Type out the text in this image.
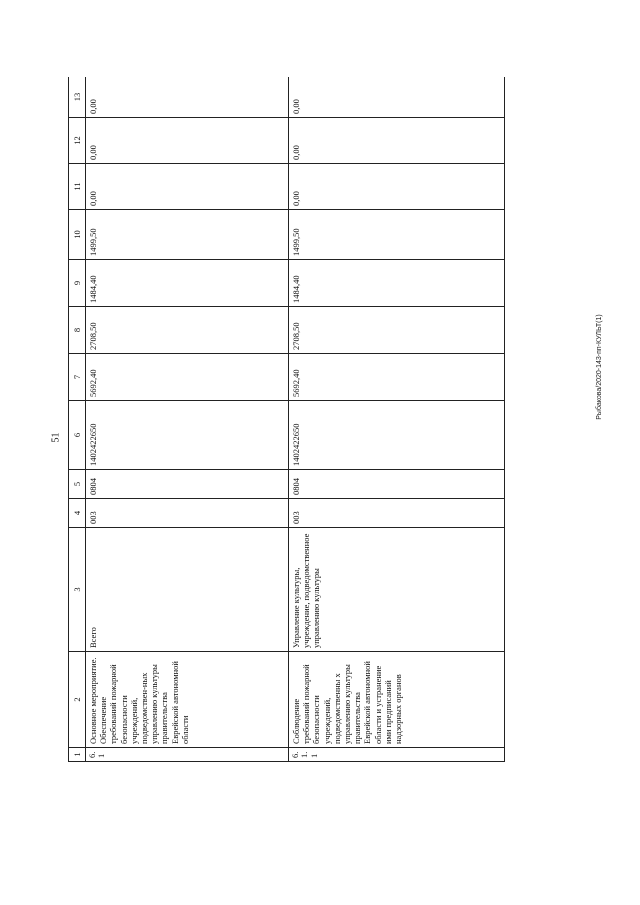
51
Рыбакова/2020-143-пп-КУЛЬТ(1)
1	2	3	4	5	6	7	8	9	10	11	12	13

6. 1	Основное мероприятие. Обеспечение требований пожарной безопасности учреждений, подведомствен-ных управлению культуры правительства Еврейской автономной области	Всего	003	0804	1402422650	5692,40	2708,50	1484,40	1499,50	0,00	0,00	0,00

6. 1. 1	Соблюдение требований пожарной безопасности учреждений, подведомственны х управлению культуры правительства Еврейской автономной области и устранение ими предписаний надзорных органов	Управление культуры, учреждение, подведомственное управлению культуры	003	0804	1402422650	5692,40	2708,50	1484,40	1499,50	0,00	0,00	0,00
